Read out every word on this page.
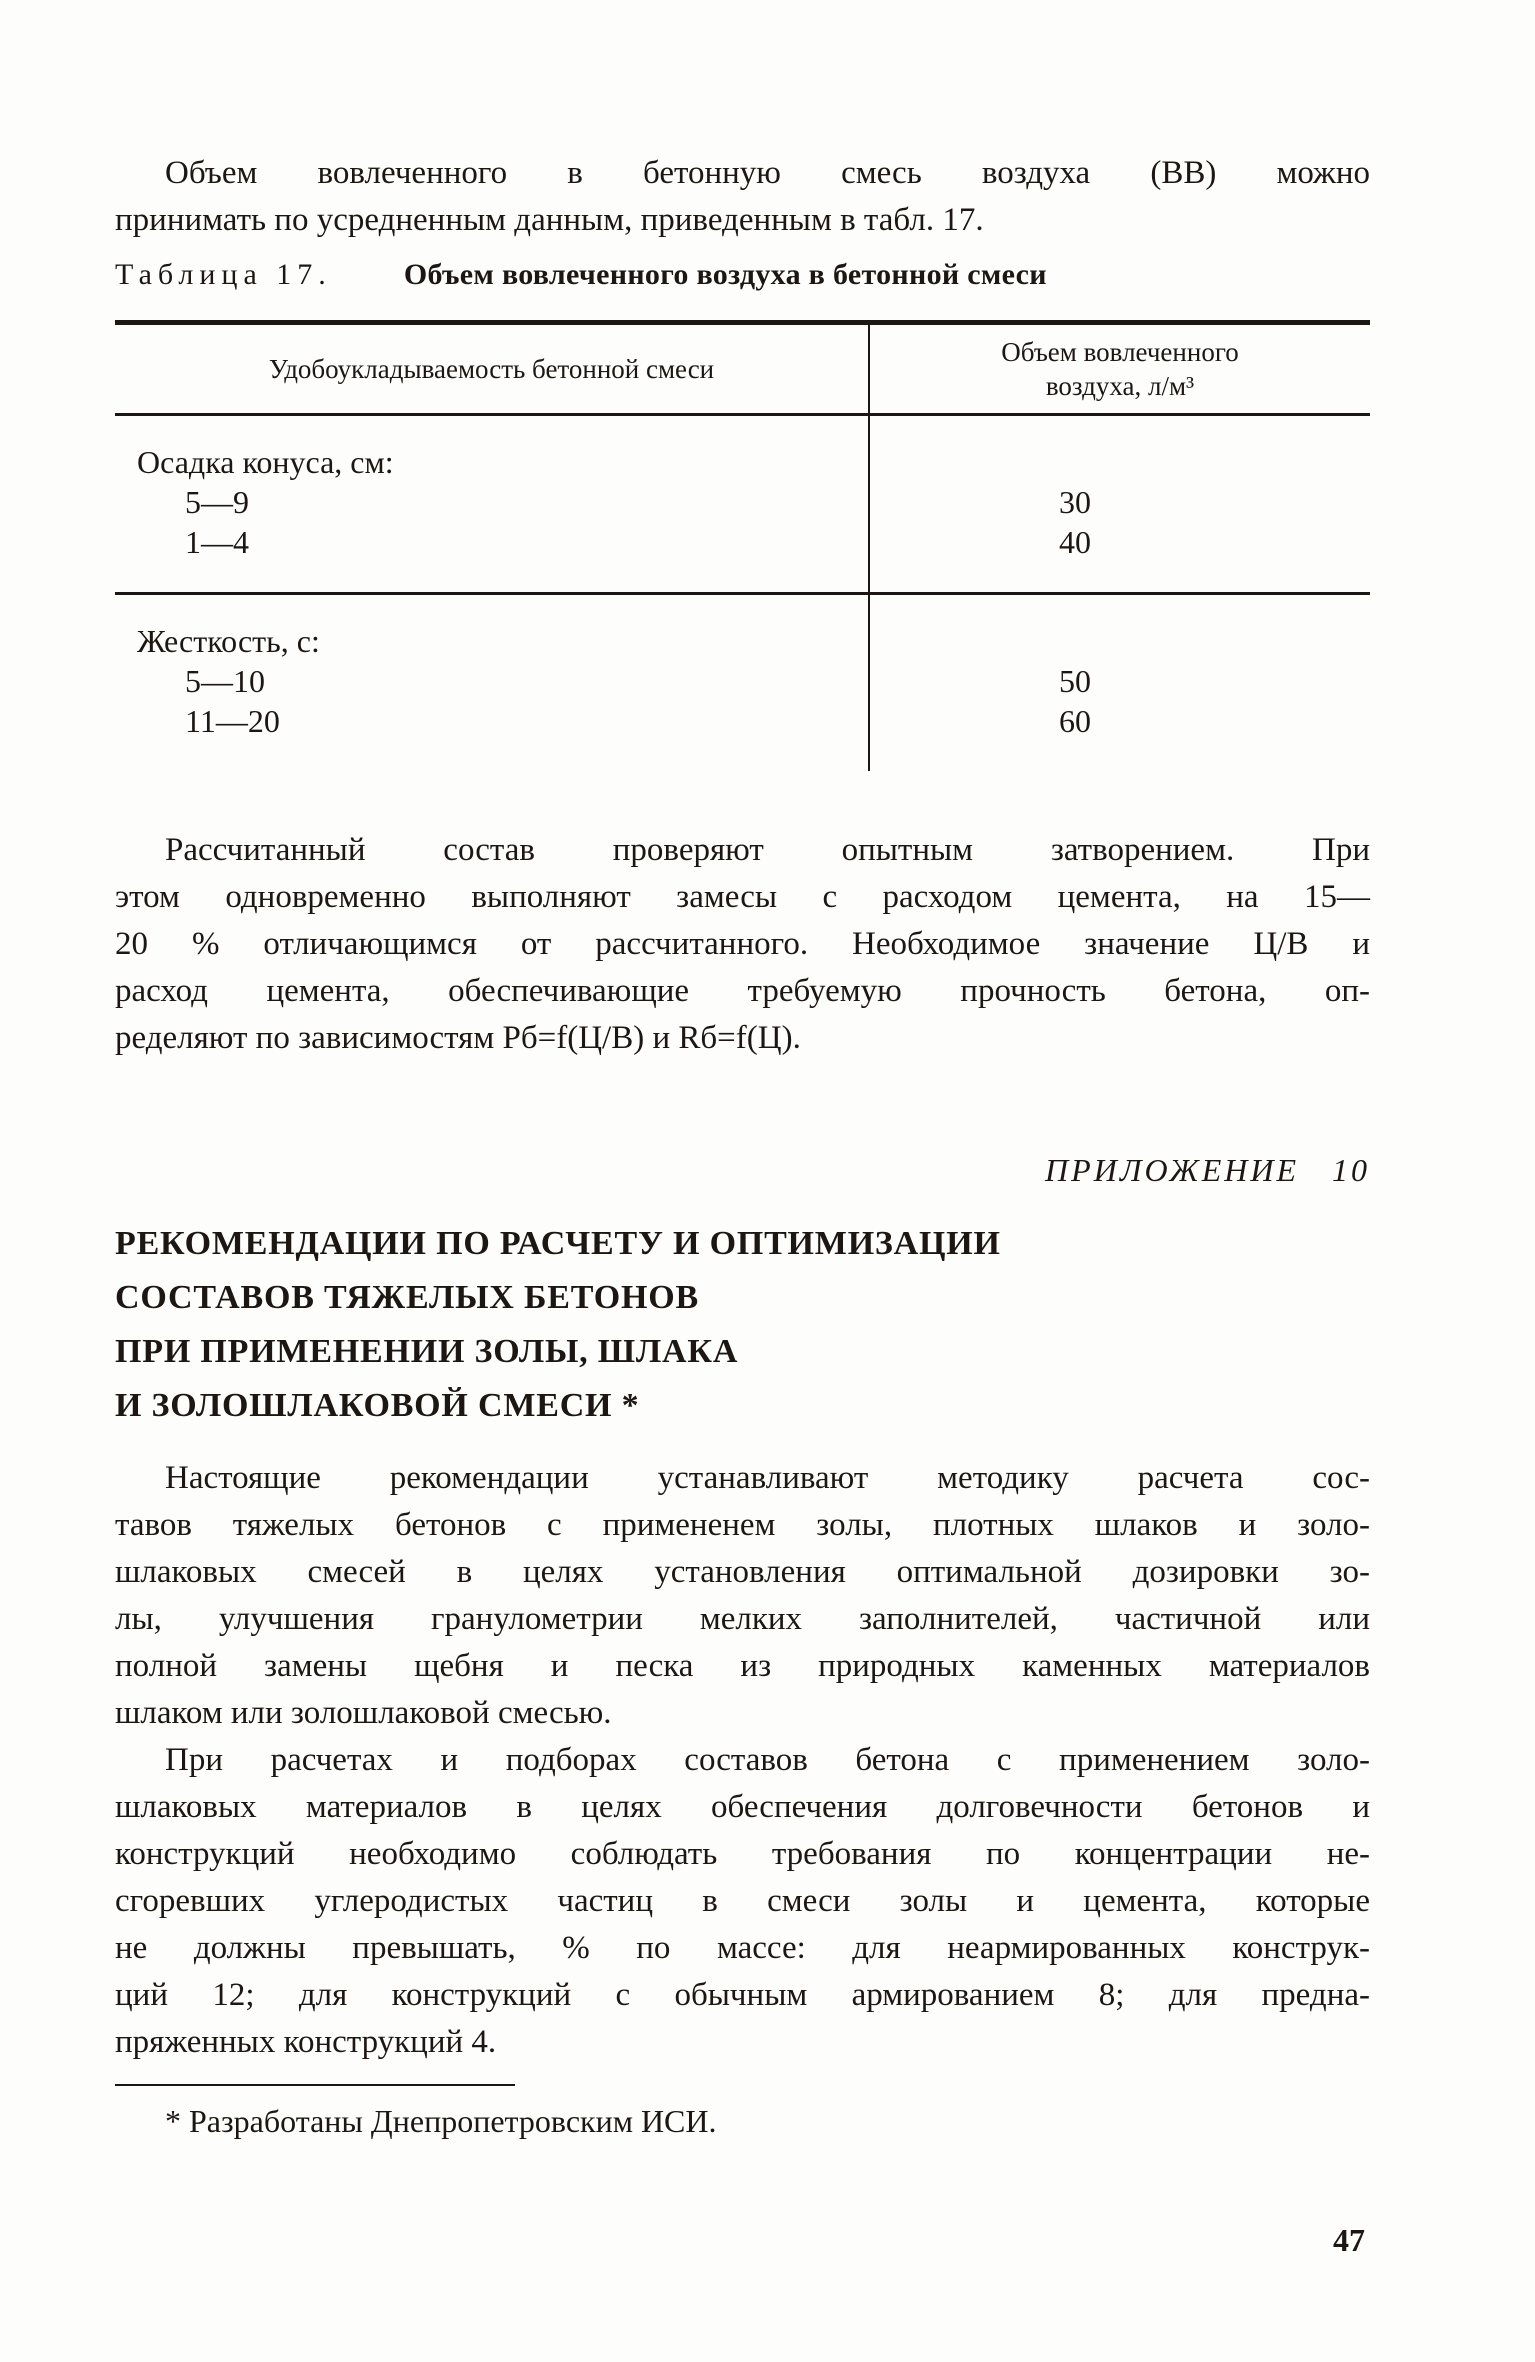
Объем вовлеченного в бетонную смесь воздуха (ВВ) можно
принимать по усредненным данным, приведенным в табл. 17.
Таблица 17. Объем вовлеченного воздуха в бетонной смеси
Удобоукладываемость бетонной смеси
Объем вовлеченного
воздуха, л/м³
Осадка конуса, см:
5—9
1—4
30
40
Жесткость, с:
5—10
11—20
50
60
Рассчитанный состав проверяют опытным затворением. При
этом одновременно выполняют замесы с расходом цемента, на 15—
20 % отличающимся от рассчитанного. Необходимое значение Ц/В и
расход цемента, обеспечивающие требуемую прочность бетона, оп-
ределяют по зависимостям Рб=f(Ц/В) и Rб=f(Ц).
ПРИЛОЖЕНИЕ 10
РЕКОМЕНДАЦИИ ПО РАСЧЕТУ И ОПТИМИЗАЦИИ
СОСТАВОВ ТЯЖЕЛЫХ БЕТОНОВ
ПРИ ПРИМЕНЕНИИ ЗОЛЫ, ШЛАКА
И ЗОЛОШЛАКОВОЙ СМЕСИ *
Настоящие рекомендации устанавливают методику расчета сос-
тавов тяжелых бетонов с примененем золы, плотных шлаков и золо-
шлаковых смесей в целях установления оптимальной дозировки зо-
лы, улучшения гранулометрии мелких заполнителей, частичной или
полной замены щебня и песка из природных каменных материалов
шлаком или золошлаковой смесью.
При расчетах и подборах составов бетона с применением золо-
шлаковых материалов в целях обеспечения долговечности бетонов и
конструкций необходимо соблюдать требования по концентрации не-
сгоревших углеродистых частиц в смеси золы и цемента, которые
не должны превышать, % по массе: для неармированных конструк-
ций 12; для конструкций с обычным армированием 8; для предна-
пряженных конструкций 4.
* Разработаны Днепропетровским ИСИ.
47
